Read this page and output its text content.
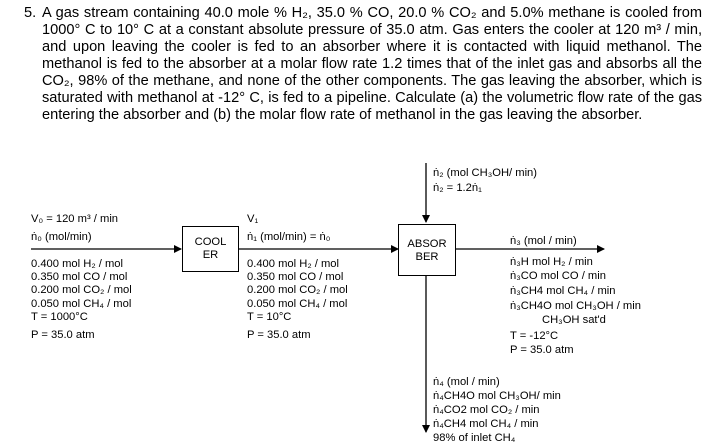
5. A gas stream containing 40.0 mole % H₂, 35.0 % CO, 20.0 % CO₂ and 5.0% methane is cooled from 1000° C to 10° C at a constant absolute pressure of 35.0 atm. Gas enters the cooler at 120 m³ / min, and upon leaving the cooler is fed to an absorber where it is contacted with liquid methanol. The methanol is fed to the absorber at a molar flow rate 1.2 times that of the inlet gas and absorbs all the CO₂, 98% of the methane, and none of the other components. The gas leaving the absorber, which is saturated with methanol at -12° C, is fed to a pipeline. Calculate (a) the volumetric flow rate of the gas entering the absorber and (b) the molar flow rate of methanol in the gas leaving the absorber.
COOLER
ABSORBER
V₀ = 120 m³ / min
ṅ₀ (mol/min)
0.400 mol H₂ / mol
0.350 mol CO / mol
0.200 mol CO₂ / mol
0.050 mol CH₄ / mol
T = 1000°C
P = 35.0 atm
V₁
ṅ₁ (mol/min) = ṅ₀
0.400 mol H₂ / mol
0.350 mol CO / mol
0.200 mol CO₂ / mol
0.050 mol CH₄ / mol
T = 10°C
P = 35.0 atm
ṅ₂ (mol CH₃OH/ min)
ṅ₂ = 1.2ṅ₁
ṅ₃ (mol / min)
ṅ₃H mol H₂ / min
ṅ₃CO mol CO / min
ṅ₃CH4 mol CH₄ / min
ṅ₃CH4O mol CH₃OH / min
CH₃OH sat'd
T = -12°C
P = 35.0 atm
ṅ₄ (mol / min)
ṅ₄CH4O mol CH₃OH/ min
ṅ₄CO2 mol CO₂ / min
ṅ₄CH4 mol CH₄ / min
98% of inlet CH₄
